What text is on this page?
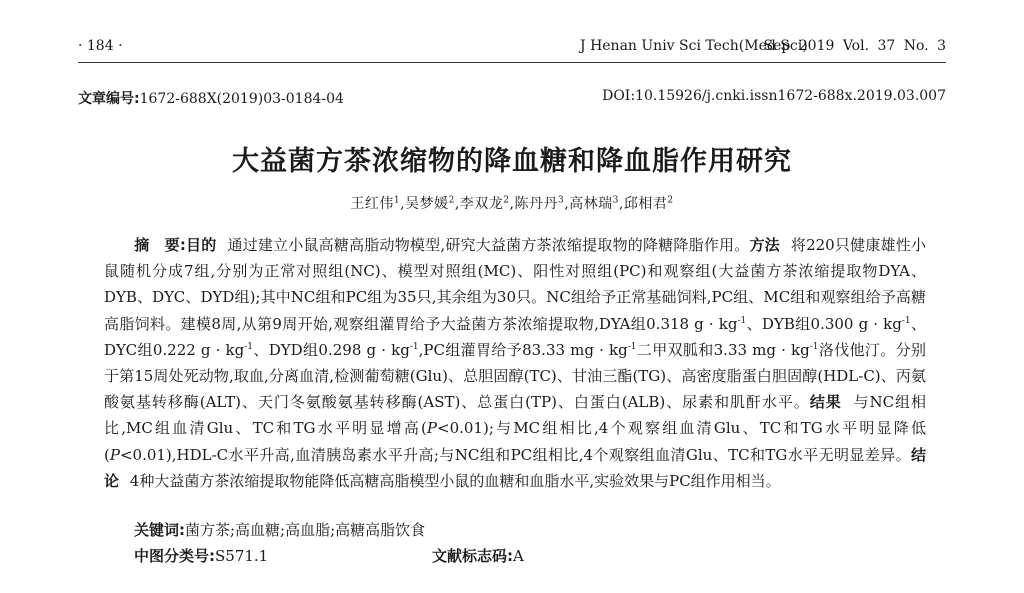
· 184 ·	J Henan Univ Sci Tech(Med Sci)
Sep 2019 Vol. 37 No. 3
文章编号:1672-688X(2019)03-0184-04	DOI:10.15926/j.cnki.issn1672-688x.2019.03.007
大益菌方茶浓缩物的降血糖和降血脂作用研究
王红伟$^1$,吴梦媛$^2$,李双龙$^2$,陈丹丹$^3$,高林瑞$^3$,邱相君$^2$
摘　要:目的 通过建立小鼠高糖高脂动物模型,研究大益菌方茶浓缩提取物的降糖降脂作用。方法 将220只健康雄性小鼠随机分成7组,分别为正常对照组(NC)、模型对照组(MC)、阳性对照组(PC)和观察组(大益菌方茶浓缩提取物DYA、DYB、DYC、DYD组);其中NC组和PC组为35只,其余组为30只。NC组给予正常基础饲料,PC组、MC组和观察组给予高糖高脂饲料。建模8周,从第9周开始,观察组灌胃给予大益菌方茶浓缩提取物,DYA组0.318 $g \cdot kg^{-1}$、DYB组0.300 $g \cdot kg^{-1}$、DYC组0.222 $g \cdot kg^{-1}$、DYD组0.298 $g \cdot kg^{-1},PC$组灌胃给予83.33 mg · $kg^{-1}$二甲双胍和3.33 mg · $kg^{-1}$洛伐他汀。分别于第15周处死动物,取血,分离血清,检测葡萄糖(Glu)、总胆固醇(TC)、甘油三酯(TG)、高密度脂蛋白胆固醇(HDL-C)、丙氨酸氨基转移酶(ALT)、天门冬氨酸氨基转移酶(AST)、总蛋白(TP)、白蛋白(ALB)、尿素和肌酐水平。结果 与NC组相比,MC组血清Glu、TC和TG水平明显增高(P<0.01);与MC组相比,4个观察组血清Glu、TC和TG水平明显降低(P<0.01),HDL-C水平升高,血清胰岛素水平升高;与NC组和PC组相比,4个观察组血清Glu、TC和TG水平无明显差异。结论 4种大益菌方茶浓缩提取物能降低高糖高脂模型小鼠的血糖和血脂水平,实验效果与PC组作用相当。
关键词:菌方茶;高血糖;高血脂;高糖高脂饮食
中图分类号:S571.1	文献标志码:A
